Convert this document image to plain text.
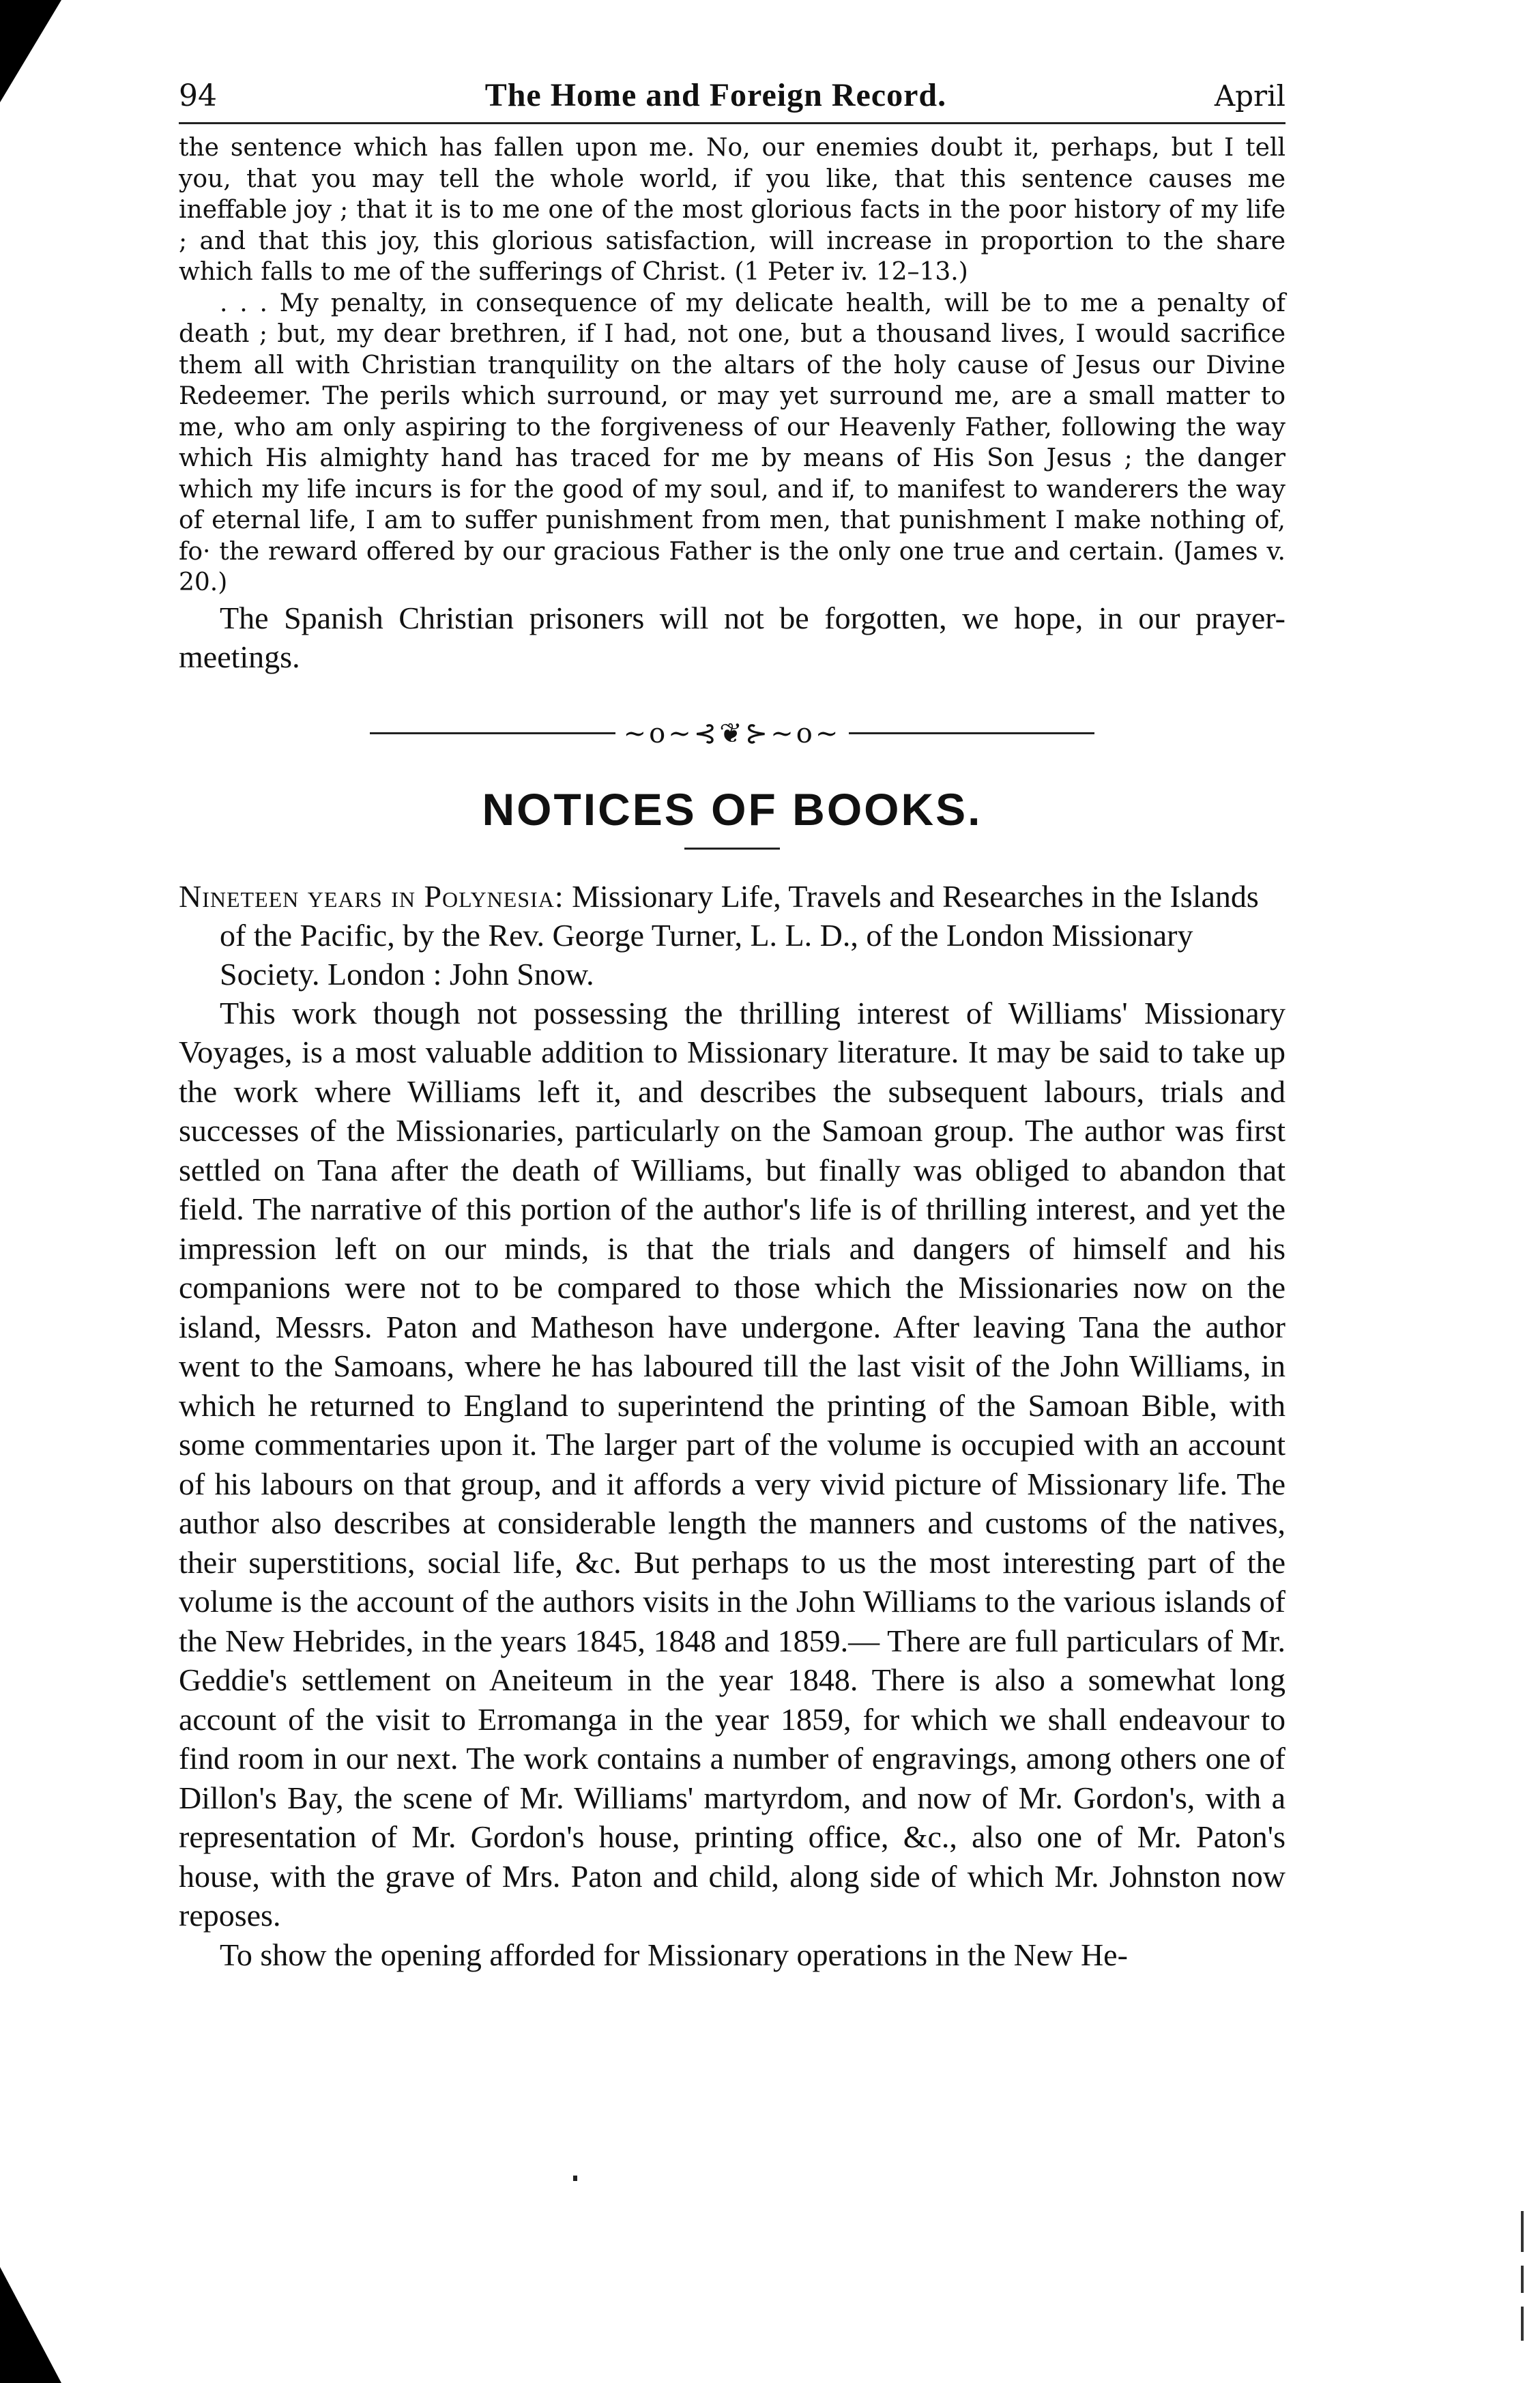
94	The Home and Foreign Record.	April

the sentence which has fallen upon me. No, our enemies doubt it, perhaps, but I tell you, that you may tell the whole world, if you like, that this sentence causes me ineffable joy ; that it is to me one of the most glorious facts in the poor history of my life ; and that this joy, this glorious satisfaction, will increase in proportion to the share which falls to me of the sufferings of Christ. (1 Peter iv. 12–13.)

. . . My penalty, in consequence of my delicate health, will be to me a penalty of death ; but, my dear brethren, if I had, not one, but a thousand lives, I would sacrifice them all with Christian tranquility on the altars of the holy cause of Jesus our Divine Redeemer. The perils which surround, or may yet surround me, are a small matter to me, who am only aspiring to the forgiveness of our Heavenly Father, following the way which His almighty hand has traced for me by means of His Son Jesus ; the danger which my life incurs is for the good of my soul, and if, to manifest to wanderers the way of eternal life, I am to suffer punishment from men, that punishment I make nothing of, fo· the reward offered by our gracious Father is the only one true and certain. (James v. 20.)

The Spanish Christian prisoners will not be forgotten, we hope, in our prayer-meetings.

~o~⊰❦⊱~o~
NOTICES OF BOOKS.

Nineteen years in Polynesia: Missionary Life, Travels and Researches in the Islands of the Pacific, by the Rev. George Turner, L. L. D., of the London Missionary Society. London : John Snow.

This work though not possessing the thrilling interest of Williams' Missionary Voyages, is a most valuable addition to Missionary literature. It may be said to take up the work where Williams left it, and describes the subsequent labours, trials and successes of the Missionaries, particularly on the Samoan group. The author was first settled on Tana after the death of Williams, but finally was obliged to abandon that field. The narrative of this portion of the author's life is of thrilling interest, and yet the impression left on our minds, is that the trials and dangers of himself and his companions were not to be compared to those which the Missionaries now on the island, Messrs. Paton and Matheson have undergone. After leaving Tana the author went to the Samoans, where he has laboured till the last visit of the John Williams, in which he returned to England to superintend the printing of the Samoan Bible, with some commentaries upon it. The larger part of the volume is occupied with an account of his labours on that group, and it affords a very vivid picture of Missionary life. The author also describes at considerable length the manners and customs of the natives, their superstitions, social life, &c. But perhaps to us the most interesting part of the volume is the account of the authors visits in the John Williams to the various islands of the New Hebrides, in the years 1845, 1848 and 1859.— There are full particulars of Mr. Geddie's settlement on Aneiteum in the year 1848. There is also a somewhat long account of the visit to Erromanga in the year 1859, for which we shall endeavour to find room in our next. The work contains a number of engravings, among others one of Dillon's Bay, the scene of Mr. Williams' martyrdom, and now of Mr. Gordon's, with a representation of Mr. Gordon's house, printing office, &c., also one of Mr. Paton's house, with the grave of Mrs. Paton and child, along side of which Mr. Johnston now reposes.

To show the opening afforded for Missionary operations in the New He-
